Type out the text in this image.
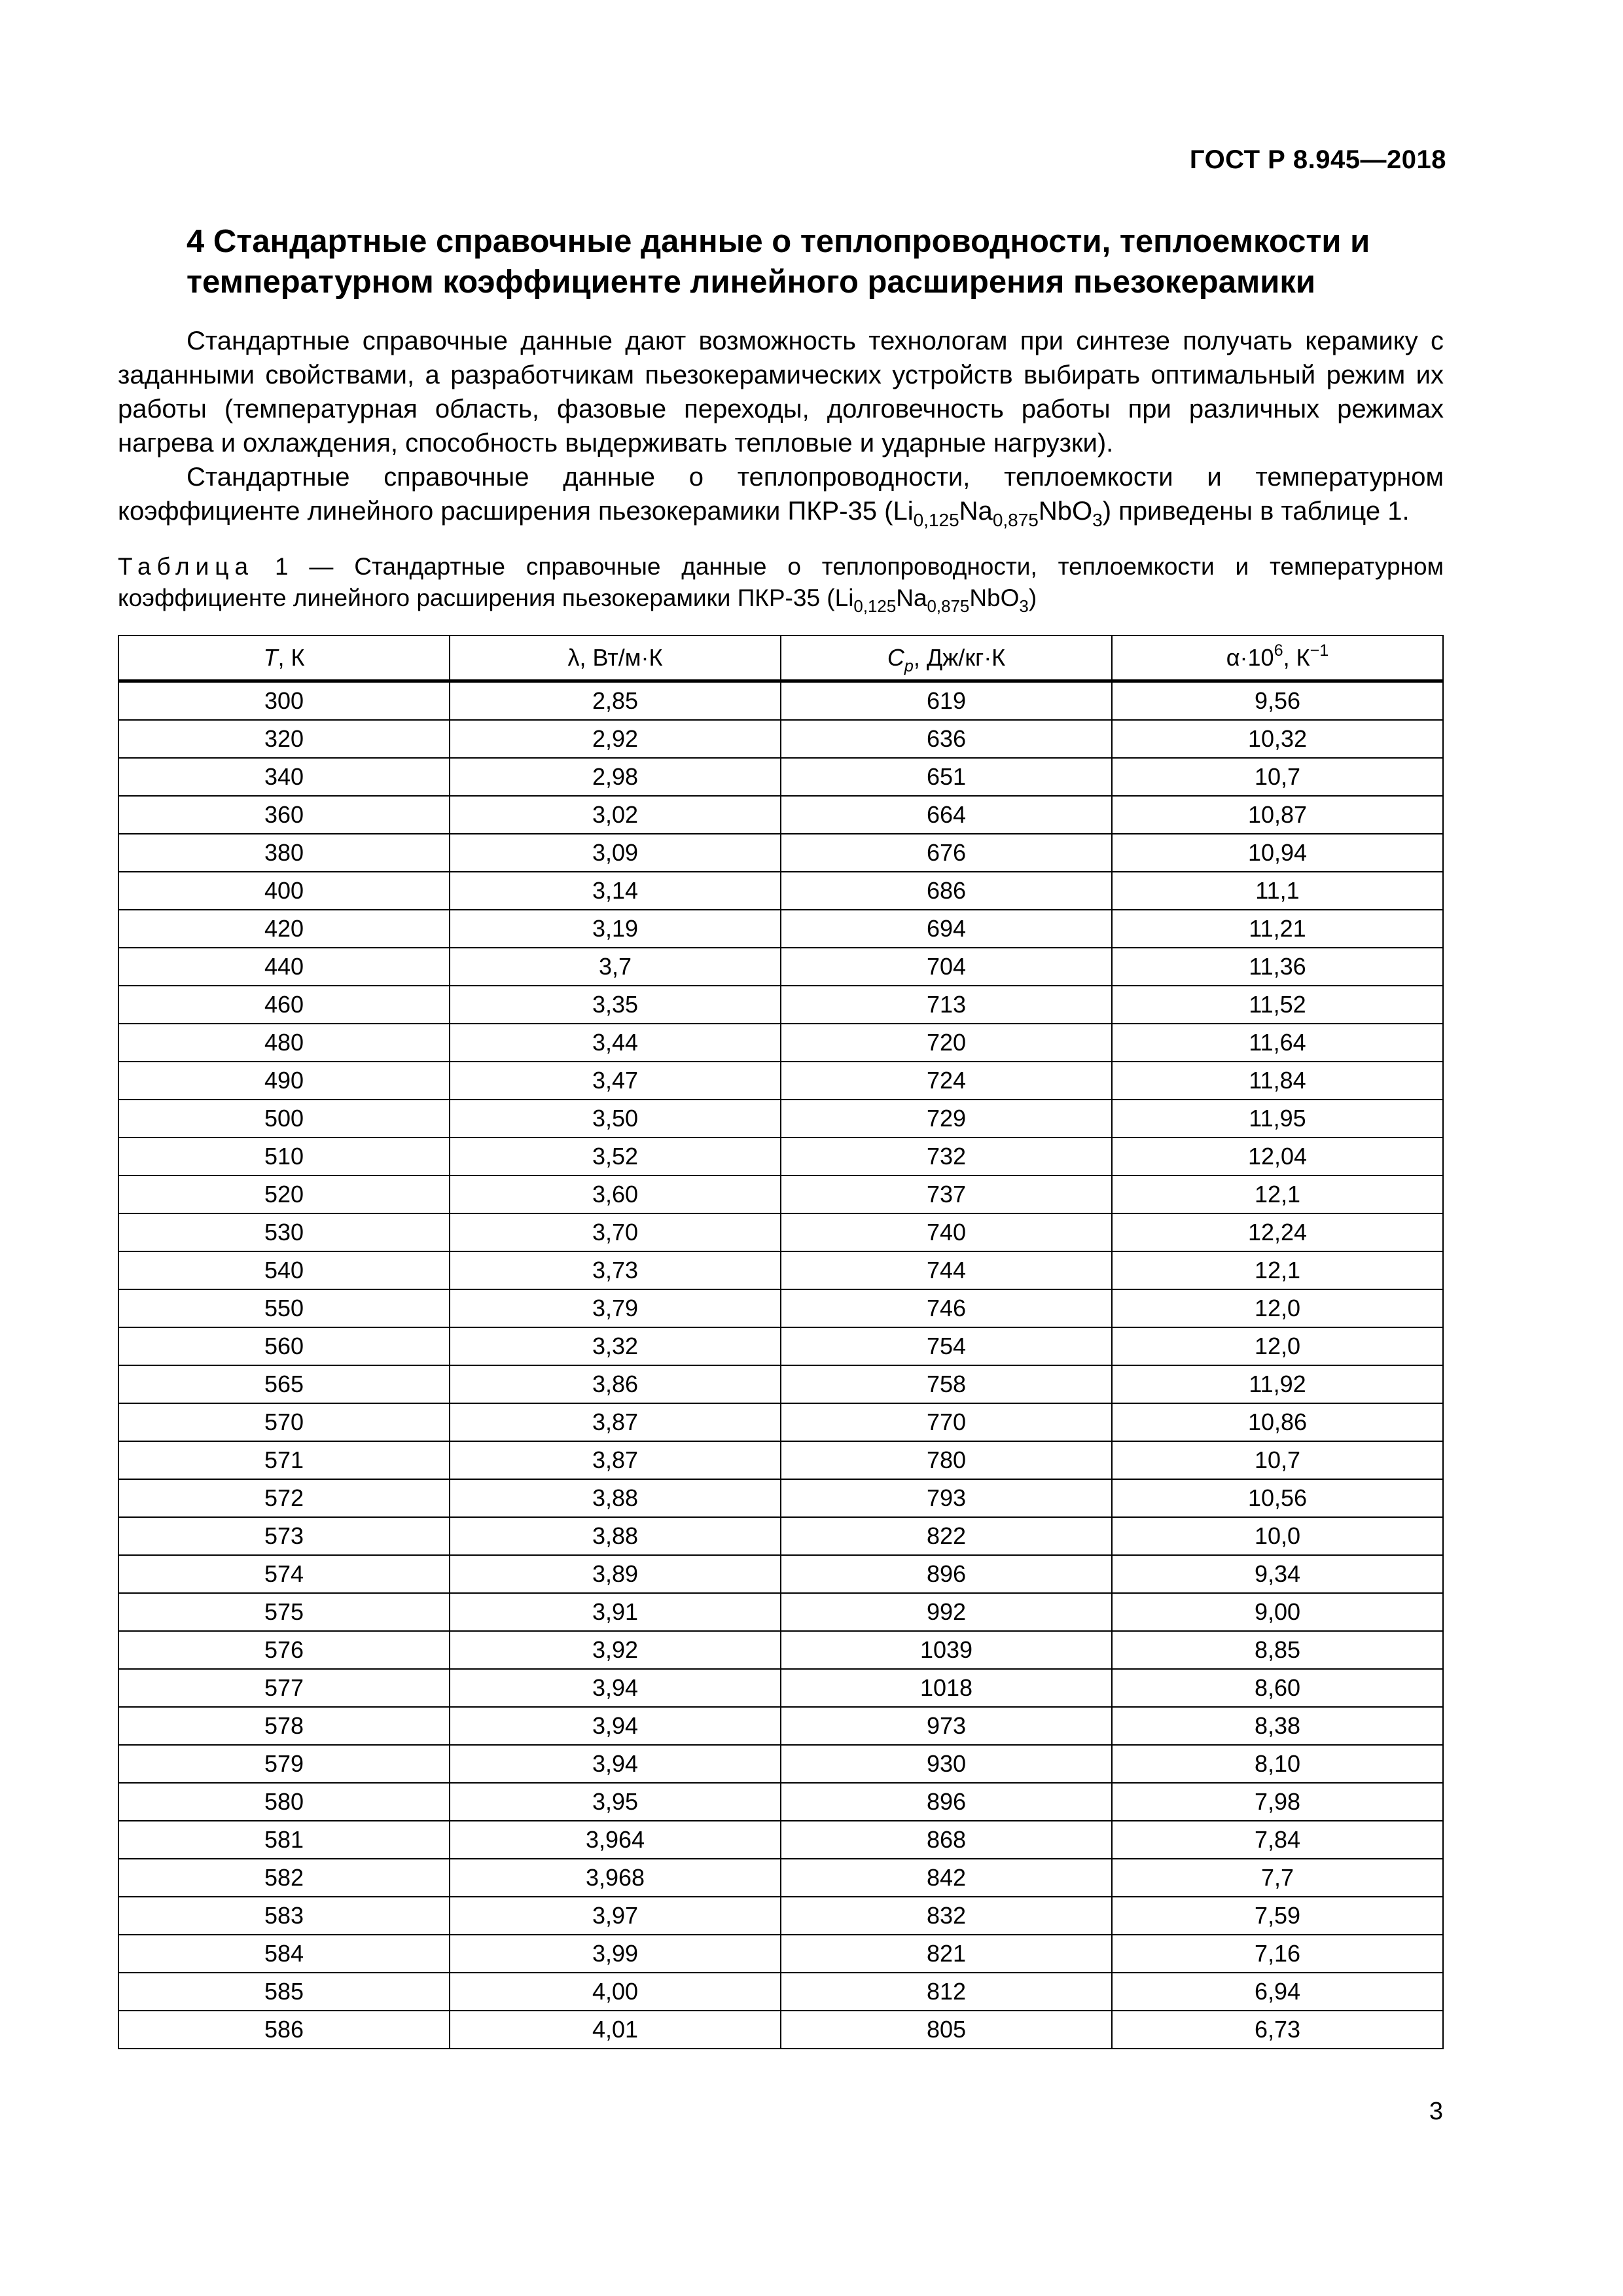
ГОСТ Р 8.945—2018
4 Стандартные справочные данные о теплопроводности, теплоемкости и температурном коэффициенте линейного расширения пьезокерамики

Стандартные справочные данные дают возможность технологам при синтезе получать керамику с заданными свойствами, а разработчикам пьезокерамических устройств выбирать оптимальный режим их работы (температурная область, фазовые переходы, долговечность работы при различных режимах нагрева и охлаждения, способность выдерживать тепловые и ударные нагрузки).

Стандартные справочные данные о теплопроводности, теплоемкости и температурном коэффициенте линейного расширения пьезокерамики ПКР-35 $(Li_{0,125}Na_{0,875}NbO_3)$ приведены в таблице 1.

Таблица 1 — Стандартные справочные данные о теплопроводности, теплоемкости и температурном коэффициенте линейного расширения пьезокерамики ПКР-35 $(Li_{0,125}Na_{0,875}NbO_3)$
T, К	λ, Вт/м·К	$C_p$, Дж/кг·К	$\alpha\cdot 10^6$, $К^{-1}$
300	2,85	619	9,56
320	2,92	636	10,32
340	2,98	651	10,7
360	3,02	664	10,87
380	3,09	676	10,94
400	3,14	686	11,1
420	3,19	694	11,21
440	3,7	704	11,36
460	3,35	713	11,52
480	3,44	720	11,64
490	3,47	724	11,84
500	3,50	729	11,95
510	3,52	732	12,04
520	3,60	737	12,1
530	3,70	740	12,24
540	3,73	744	12,1
550	3,79	746	12,0
560	3,32	754	12,0
565	3,86	758	11,92
570	3,87	770	10,86
571	3,87	780	10,7
572	3,88	793	10,56
573	3,88	822	10,0
574	3,89	896	9,34
575	3,91	992	9,00
576	3,92	1039	8,85
577	3,94	1018	8,60
578	3,94	973	8,38
579	3,94	930	8,10
580	3,95	896	7,98
581	3,964	868	7,84
582	3,968	842	7,7
583	3,97	832	7,59
584	3,99	821	7,16
585	4,00	812	6,94
586	4,01	805	6,73
3
